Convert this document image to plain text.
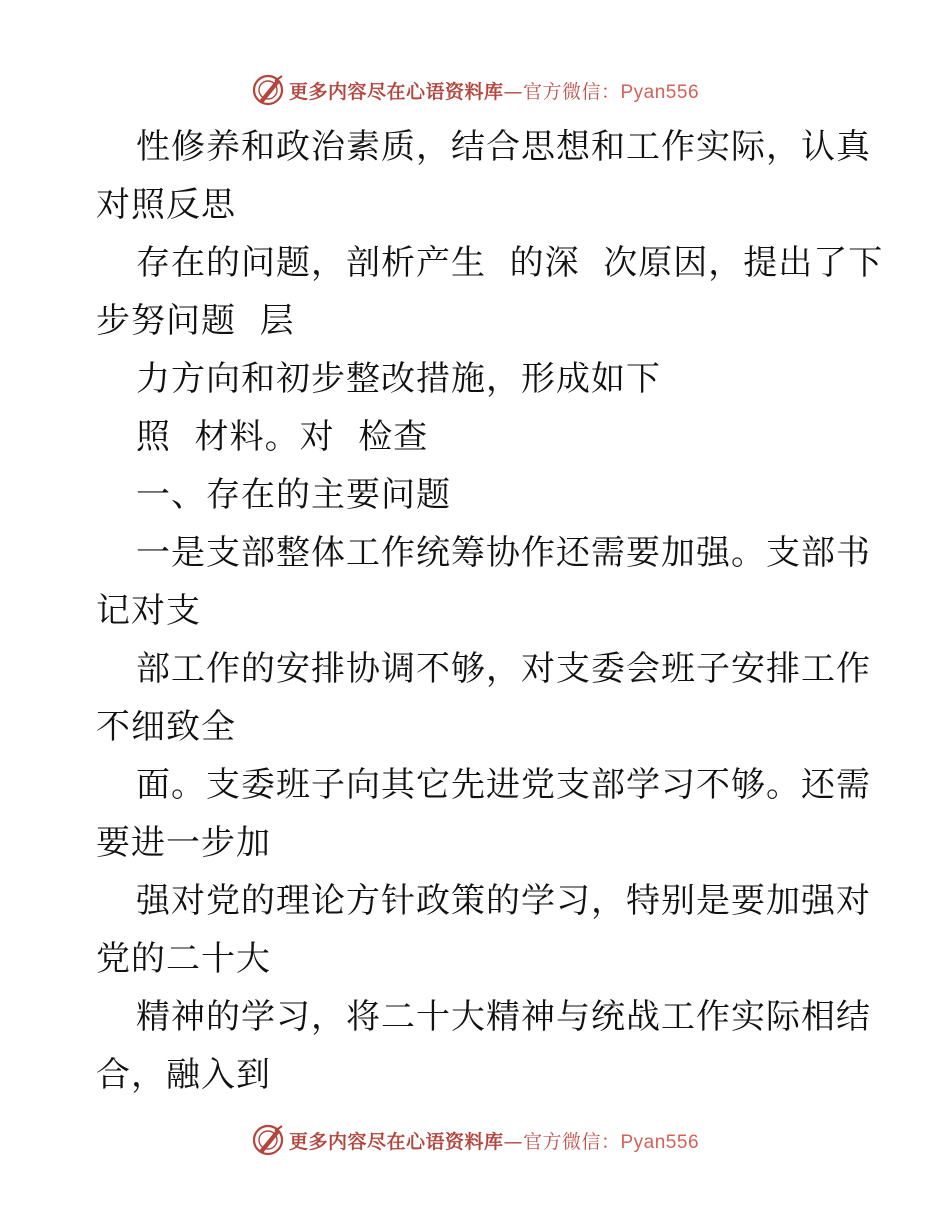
更多内容尽在心语资料库—官方微信：Pyan556
性修养和政治素质，结合思想和工作实际，认真
对照反思
存在的问题，剖析产生  的深  次原因，提出了下
步努问题  层
力方向和初步整改措施，形成如下
照  材料。对  检查
一、存在的主要问题
一是支部整体工作统筹协作还需要加强。支部书
记对支
部工作的安排协调不够，对支委会班子安排工作
不细致全
面。支委班子向其它先进党支部学习不够。还需
要进一步加
强对党的理论方针政策的学习，特别是要加强对
党的二十大
精神的学习，将二十大精神与统战工作实际相结
合，融入到
更多内容尽在心语资料库—官方微信：Pyan556
